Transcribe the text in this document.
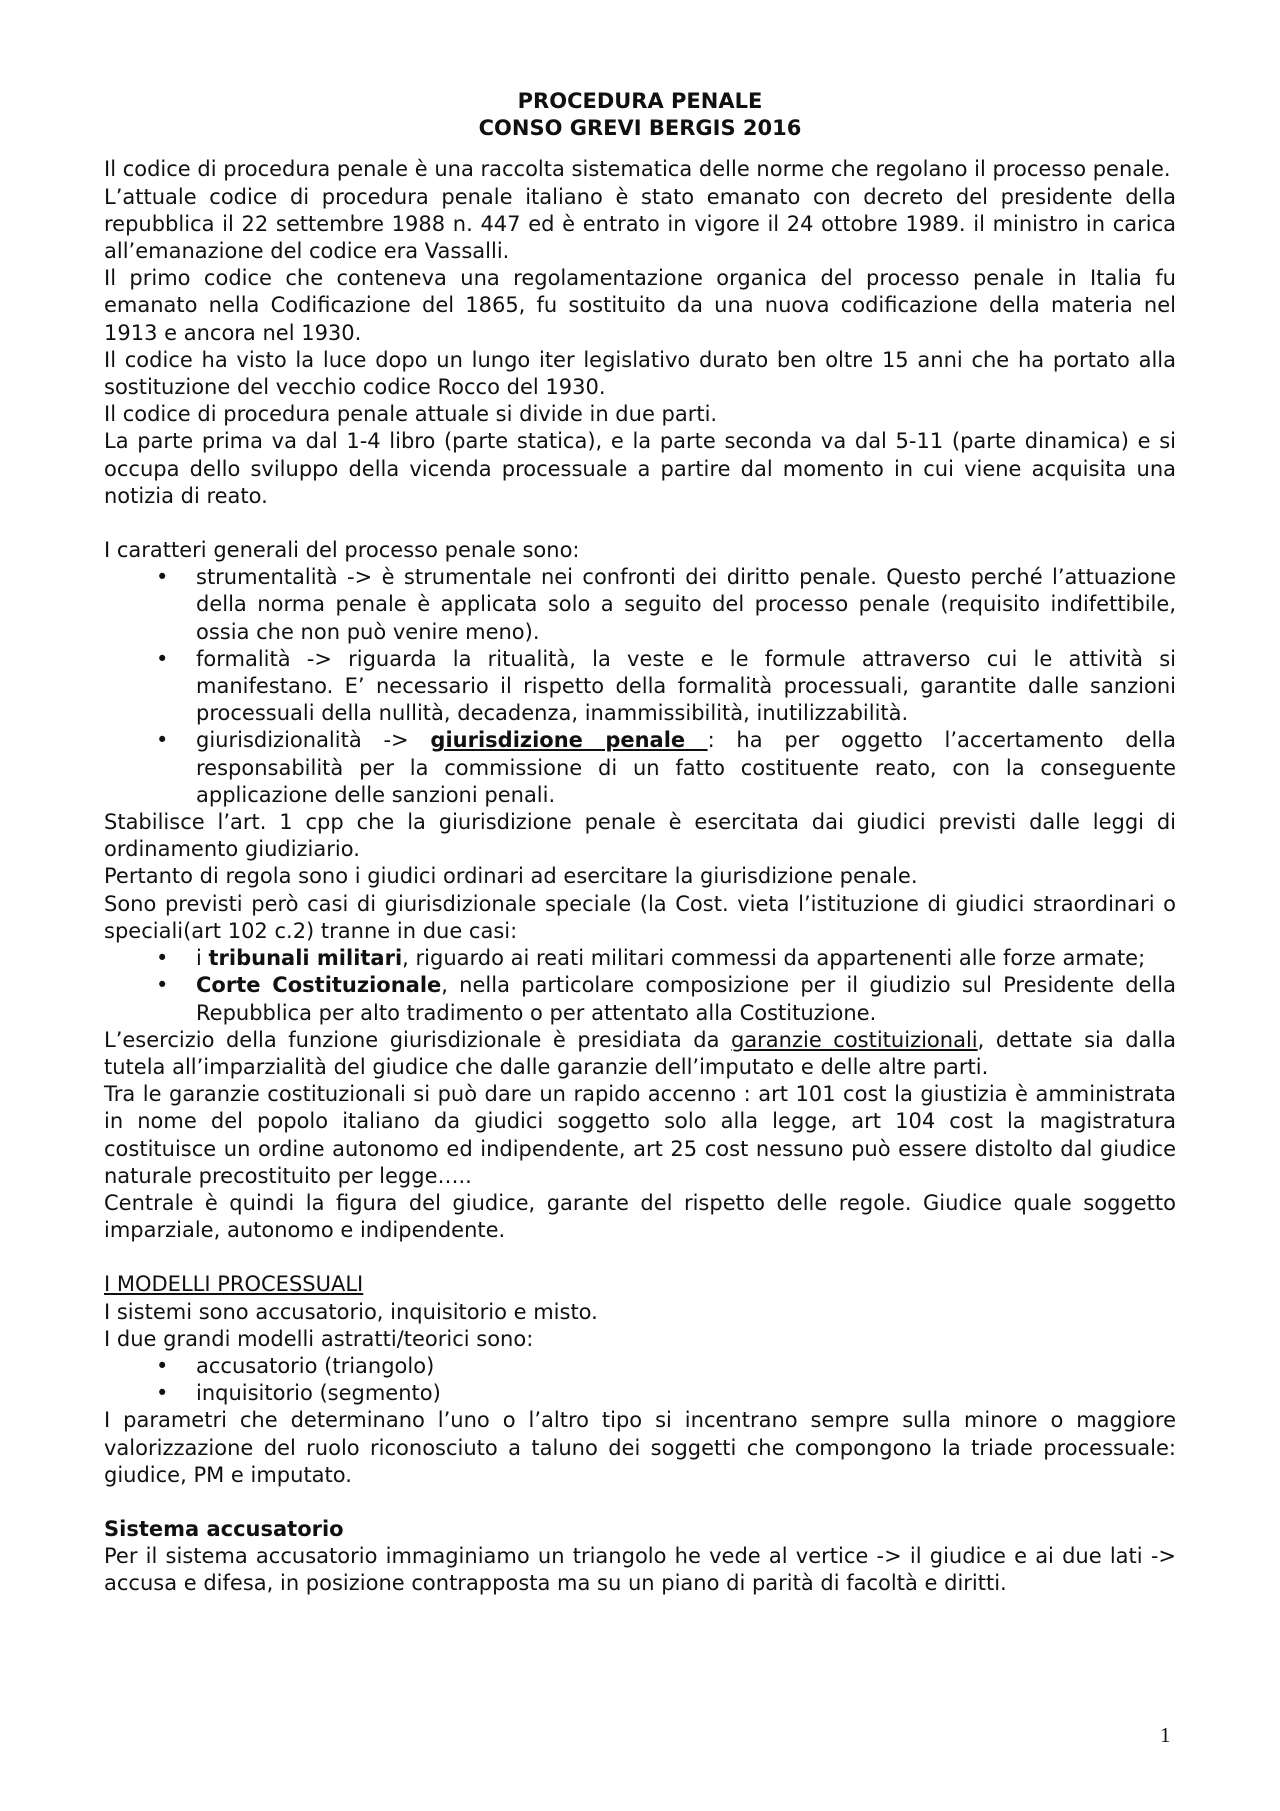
PROCEDURA PENALE

CONSO GREVI BERGIS 2016

Il codice di procedura penale è una raccolta sistematica delle norme che regolano il processo penale.

L’attuale codice di procedura penale italiano è stato emanato con decreto del presidente della repubblica il 22 settembre 1988 n. 447 ed è entrato in vigore il 24 ottobre 1989. il ministro in carica all’emanazione del codice era Vassalli.

Il primo codice che conteneva una regolamentazione organica del processo penale in Italia fu emanato nella Codificazione del 1865, fu sostituito da una nuova codificazione della materia nel 1913 e ancora nel 1930.

Il codice ha visto la luce dopo un lungo iter legislativo durato ben oltre 15 anni che ha portato alla sostituzione del vecchio codice Rocco del 1930.

Il codice di procedura penale attuale si divide in due parti.

La parte prima va dal 1-4 libro (parte statica), e la parte seconda va dal 5-11 (parte dinamica) e si occupa dello sviluppo della vicenda processuale a partire dal momento in cui viene acquisita una notizia di reato.

I caratteri generali del processo penale sono:

• strumentalità -> è strumentale nei confronti dei diritto penale. Questo perché l’attuazione della norma penale è applicata solo a seguito del processo penale (requisito indifettibile, ossia che non può venire meno).
• formalità -> riguarda la ritualità, la veste e le formule attraverso cui le attività si manifestano. E’ necessario il rispetto della formalità processuali, garantite dalle sanzioni processuali della nullità, decadenza, inammissibilità, inutilizzabilità.
• giurisdizionalità -> giurisdizione penale : ha per oggetto l’accertamento della responsabilità per la commissione di un fatto costituente reato, con la conseguente applicazione delle sanzioni penali.

Stabilisce l’art. 1 cpp che la giurisdizione penale è esercitata dai giudici previsti dalle leggi di ordinamento giudiziario.

Pertanto di regola sono i giudici ordinari ad esercitare la giurisdizione penale.

Sono previsti però casi di giurisdizionale speciale (la Cost. vieta l’istituzione di giudici straordinari o speciali(art 102 c.2) tranne in due casi:

• i tribunali militari, riguardo ai reati militari commessi da appartenenti alle forze armate;
• Corte Costituzionale, nella particolare composizione per il giudizio sul Presidente della Repubblica per alto tradimento o per attentato alla Costituzione.

L’esercizio della funzione giurisdizionale è presidiata da garanzie costituizionali, dettate sia dalla tutela all’imparzialità del giudice che dalle garanzie dell’imputato e delle altre parti.

Tra le garanzie costituzionali si può dare un rapido accenno : art 101 cost la giustizia è amministrata in nome del popolo italiano da giudici soggetto solo alla legge, art 104 cost la magistratura costituisce un ordine autonomo ed indipendente, art 25 cost nessuno può essere distolto dal giudice naturale precostituito per legge…..

Centrale è quindi la figura del giudice, garante del rispetto delle regole. Giudice quale soggetto imparziale, autonomo e indipendente.

I MODELLI PROCESSUALI

I sistemi sono accusatorio, inquisitorio e misto.

I due grandi modelli astratti/teorici sono:

• accusatorio (triangolo)
• inquisitorio (segmento)

I parametri che determinano l’uno o l’altro tipo si incentrano sempre sulla minore o maggiore valorizzazione del ruolo riconosciuto a taluno dei soggetti che compongono la triade processuale: giudice, PM e imputato.

Sistema accusatorio

Per il sistema accusatorio immaginiamo un triangolo he vede al vertice -> il giudice e ai due lati -> accusa e difesa, in posizione contrapposta ma su un piano di parità di facoltà e diritti.

1
